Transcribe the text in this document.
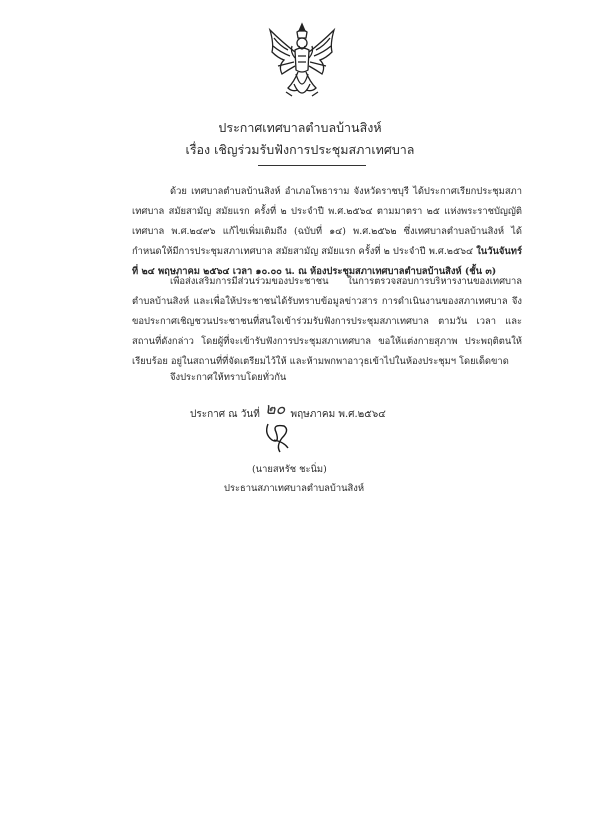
ประกาศเทศบาลตำบลบ้านสิงห์
เรื่อง เชิญร่วมรับฟังการประชุมสภาเทศบาล
ด้วย เทศบาลตำบลบ้านสิงห์ อำเภอโพธาราม จังหวัดราชบุรี ได้ประกาศเรียกประชุมสภาเทศบาล สมัยสามัญ สมัยแรก ครั้งที่ ๒ ประจำปี พ.ศ.๒๕๖๔ ตามมาตรา ๒๕ แห่งพระราชบัญญัติเทศบาล พ.ศ.๒๔๙๖ แก้ไขเพิ่มเติมถึง (ฉบับที่ ๑๔) พ.ศ.๒๕๖๒ ซึ่งเทศบาลตำบลบ้านสิงห์ ได้กำหนดให้มีการประชุมสภาเทศบาล สมัยสามัญ สมัยแรก ครั้งที่ ๒ ประจำปี พ.ศ.๒๕๖๔ ในวันจันทร์ที่ ๒๔ พฤษภาคม ๒๕๖๔ เวลา ๑๐.๐๐ น. ณ ห้องประชุมสภาเทศบาลตำบลบ้านสิงห์ (ชั้น ๓)
เพื่อส่งเสริมการมีส่วนร่วมของประชาชน ในการตรวจสอบการบริหารงานของเทศบาลตำบลบ้านสิงห์ และเพื่อให้ประชาชนได้รับทราบข้อมูลข่าวสาร การดำเนินงานของสภาเทศบาล จึงขอประกาศเชิญชวนประชาชนที่สนใจเข้าร่วมรับฟังการประชุมสภาเทศบาล ตามวัน เวลา และสถานที่ดังกล่าว โดยผู้ที่จะเข้ารับฟังการประชุมสภาเทศบาล ขอให้แต่งกายสุภาพ ประพฤติตนให้เรียบร้อย อยู่ในสถานที่ที่จัดเตรียมไว้ให้ และห้ามพกพาอาวุธเข้าไปในห้องประชุมฯ โดยเด็ดขาด
จึงประกาศให้ทราบโดยทั่วกัน
ประกาศ ณ วันที่ ๒๐ พฤษภาคม พ.ศ.๒๕๖๔
(นายสหรัช ชะนิ่ม)
ประธานสภาเทศบาลตำบลบ้านสิงห์
